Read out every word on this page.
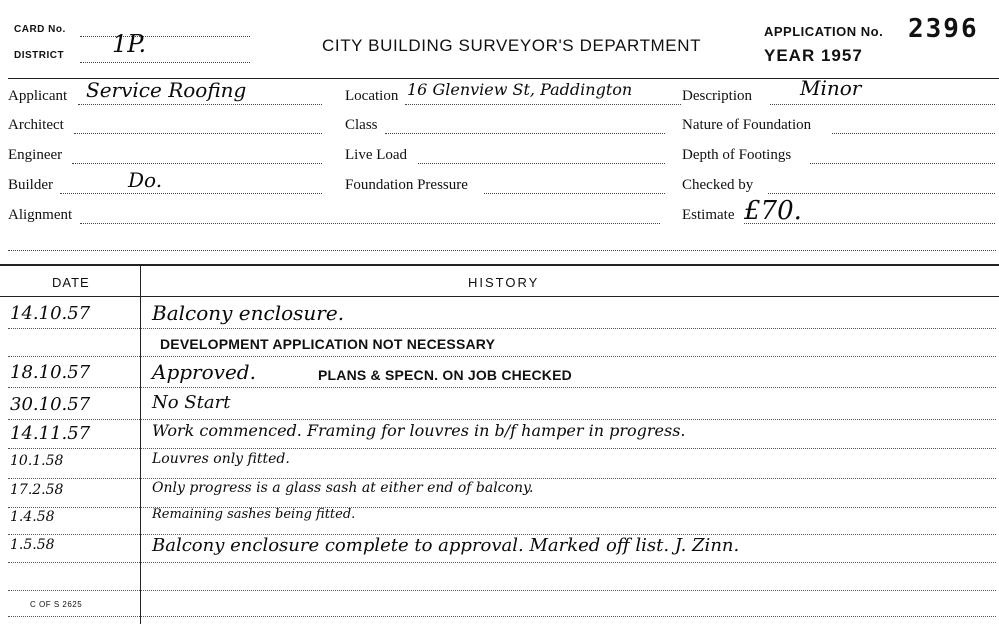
CARD No.
DISTRICT 1P.	CITY BUILDING SURVEYOR'S DEPARTMENT
APPLICATION No. 2396
YEAR 1957
Applicant Service Roofing
Architect
Engineer
Builder	Do.
Alignment
Location 16 Glenview St, Paddington
Class
Live Load
Foundation Pressure
Description Minor
Nature of Foundation
Depth of Footings
Checked by
Estimate £70.
DATE	HISTORY
14.10.57	Balcony enclosure.
DEVELOPMENT APPLICATION NOT NECESSARY
18.10.57	Approved.	PLANS & SPECN. ON JOB CHECKED
30.10.57	No Start
14.11.57	Work commenced. Framing for louvres in b/f hamper in progress.
10.1.58	Louvres only fitted.
17.2.58	Only progress is a glass sash at either end of balcony.
1.4.58	Remaining sashes being fitted.
1.5.58	Balcony enclosure complete to approval. Marked off list. J. Zinn.
C OF S 2625
